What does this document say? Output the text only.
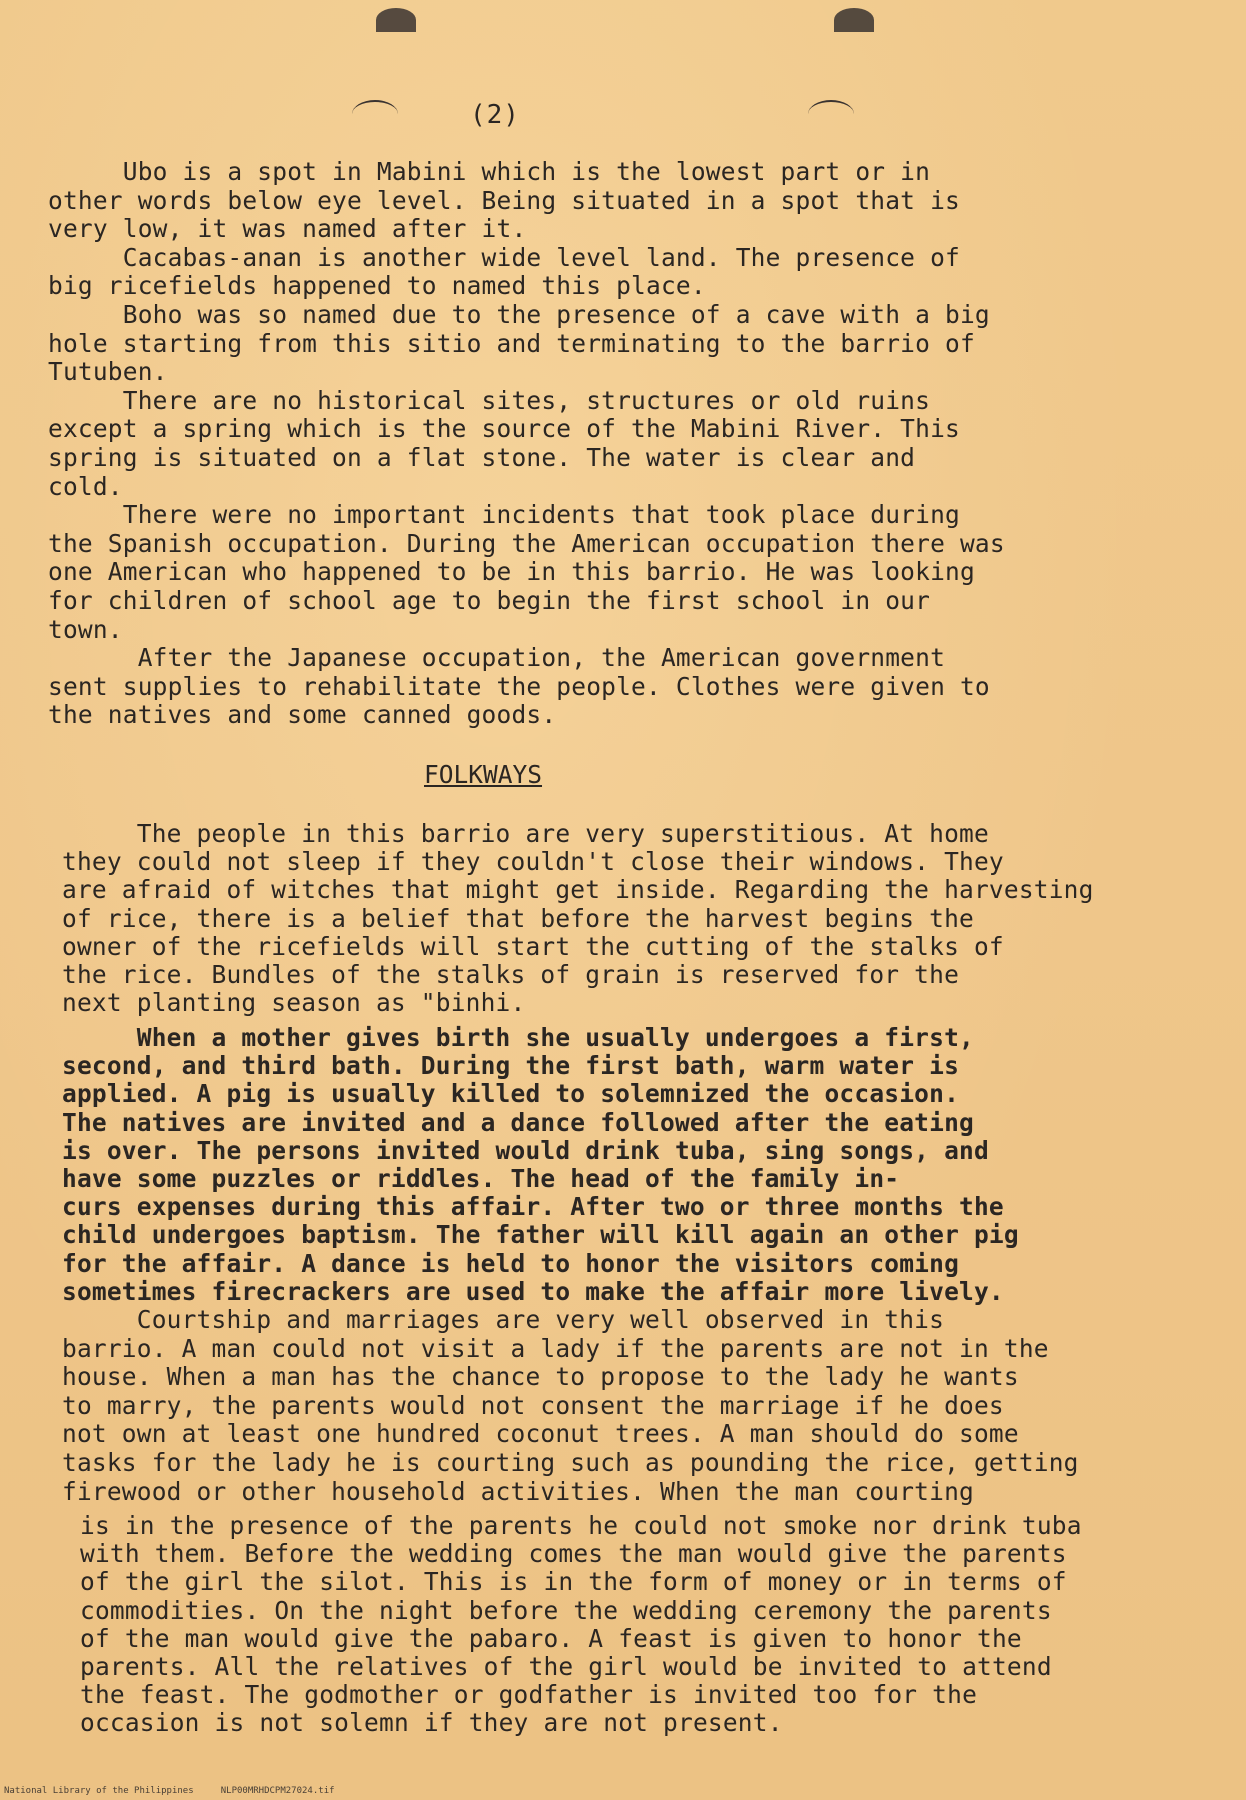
(2)
Ubo is a spot in Mabini which is the lowest part or in
other words below eye level. Being situated in a spot that is
very low, it was named after it.
Cacabas-anan is another wide level land. The presence of
big ricefields happened to named this place.
Boho was so named due to the presence of a cave with a big
hole starting from this sitio and terminating to the barrio of
Tutuben.
There are no historical sites, structures or old ruins
except a spring which is the source of the Mabini River. This
spring is situated on a flat stone. The water is clear and
cold.
There were no important incidents that took place during
the Spanish occupation. During the American occupation there was
one American who happened to be in this barrio. He was looking
for children of school age to begin the first school in our
town.
After the Japanese occupation, the American government
sent supplies to rehabilitate the people. Clothes were given to
the natives and some canned goods.
FOLKWAYS
The people in this barrio are very superstitious. At home
they could not sleep if they couldn't close their windows. They
are afraid of witches that might get inside. Regarding the harvesting
of rice, there is a belief that before the harvest begins the
owner of the ricefields will start the cutting of the stalks of
the rice. Bundles of the stalks of grain is reserved for the
next planting season as "binhi.
When a mother gives birth she usually undergoes a first,
second, and third bath. During the first bath, warm water is
applied. A pig is usually killed to solemnized the occasion.
The natives are invited and a dance followed after the eating
is over. The persons invited would drink tuba, sing songs, and
have some puzzles or riddles. The head of the family in-
curs expenses during this affair. After two or three months the
child undergoes baptism. The father will kill again an other pig
for the affair. A dance is held to honor the visitors coming
sometimes firecrackers are used to make the affair more lively.
Courtship and marriages are very well observed in this
barrio. A man could not visit a lady if the parents are not in the
house. When a man has the chance to propose to the lady he wants
to marry, the parents would not consent the marriage if he does
not own at least one hundred coconut trees. A man should do some
tasks for the lady he is courting such as pounding the rice, getting
firewood or other household activities. When the man courting
is in the presence of the parents he could not smoke nor drink tuba
with them. Before the wedding comes the man would give the parents
of the girl the silot. This is in the form of money or in terms of
commodities. On the night before the wedding ceremony the parents
of the man would give the pabaro. A feast is given to honor the
parents. All the relatives of the girl would be invited to attend
the feast. The godmother or godfather is invited too for the
occasion is not solemn if they are not present.
National Library of the Philippines     NLP00MRHDCPM27024.tif
